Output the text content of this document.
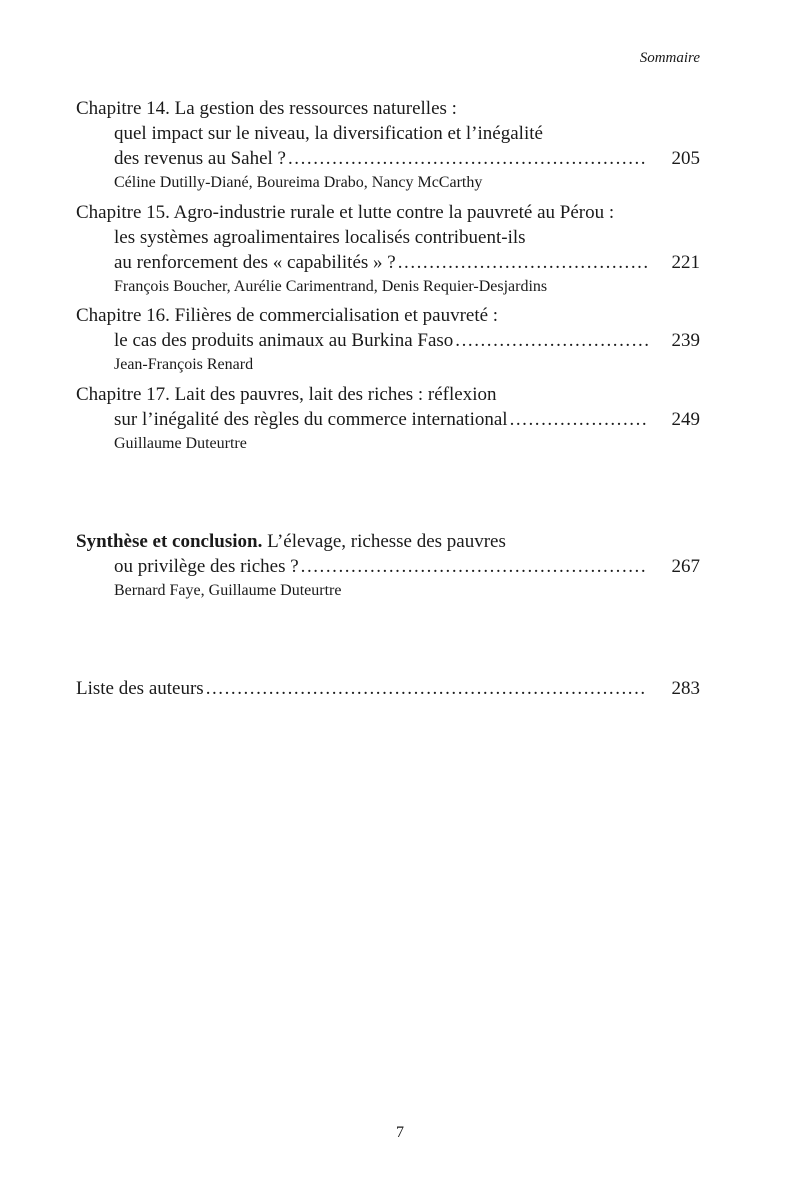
Sommaire
Chapitre 14. La gestion des ressources naturelles :
quel impact sur le niveau, la diversification et l’inégalité
des revenus au Sahel ? . . .	205
Céline Dutilly-Diané, Boureima Drabo, Nancy McCarthy
Chapitre 15. Agro-industrie rurale et lutte contre la pauvreté au Pérou :
les systèmes agroalimentaires localisés contribuent-ils
au renforcement des « capabilités » ? . . .	221
François Boucher, Aurélie Carimentrand, Denis Requier-Desjardins
Chapitre 16. Filières de commercialisation et pauvreté :
le cas des produits animaux au Burkina Faso . . .	239
Jean-François Renard
Chapitre 17. Lait des pauvres, lait des riches : réflexion
sur l’inégalité des règles du commerce international . . .	249
Guillaume Duteurtre
Synthèse et conclusion. L’élevage, richesse des pauvres
ou privilège des riches ? . . .	267
Bernard Faye, Guillaume Duteurtre
Liste des auteurs . . .	283
7
